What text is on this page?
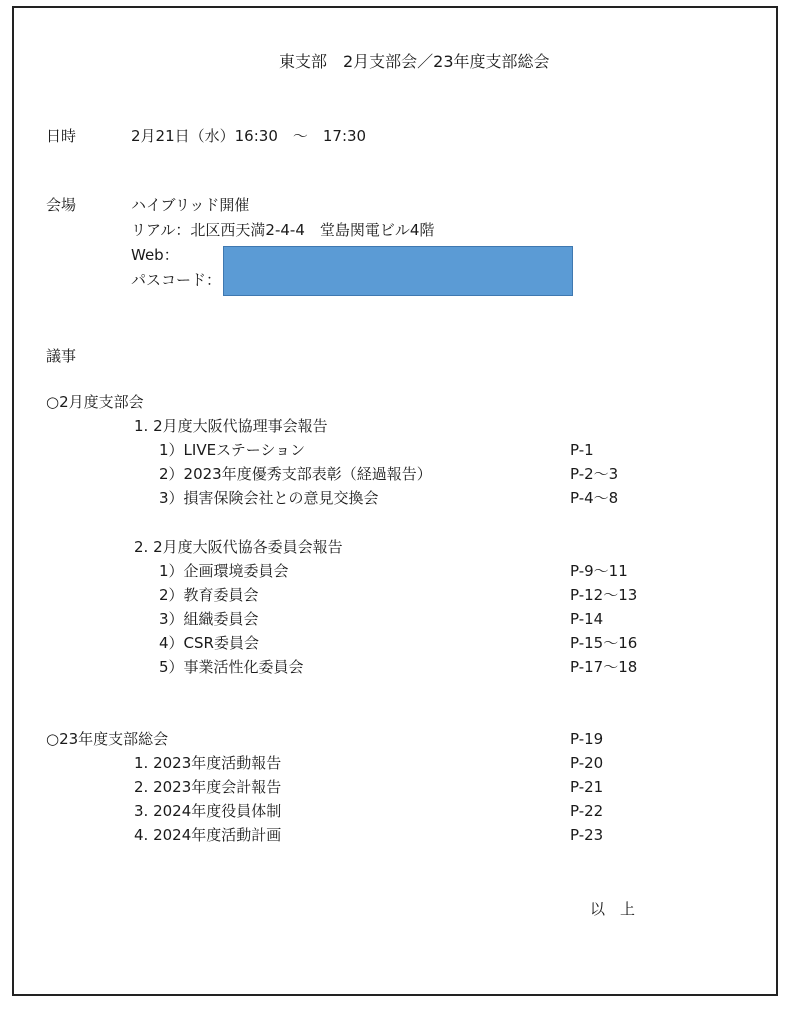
東支部　2月支部会／23年度支部総会
日時	2月21日（水）16:30　～　17:30
会場	ハイブリッド開催
リアル：北区西天満2-4-4　堂島関電ビル4階
Web：
パスコード：
議事
○2月度支部会
1. 2月度大阪代協理事会報告
1）LIVEステーション	P-1
2）2023年度優秀支部表彰（経過報告）	P-2～3
3）損害保険会社との意見交換会	P-4～8
2. 2月度大阪代協各委員会報告
1）企画環境委員会	P-9～11
2）教育委員会	P-12～13
3）組織委員会	P-14
4）CSR委員会	P-15～16
5）事業活性化委員会	P-17～18
○23年度支部総会	P-19
1. 2023年度活動報告	P-20
2. 2023年度会計報告	P-21
3. 2024年度役員体制	P-22
4. 2024年度活動計画	P-23
以　上
